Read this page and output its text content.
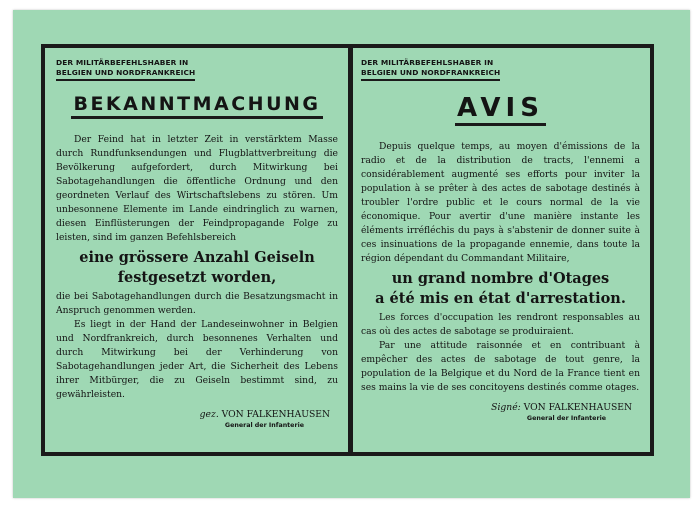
DER MILITÄRBEFEHLSHABER IN
BELGIEN UND NORDFRANKREICH
BEKANNTMACHUNG

Der Feind hat in letzter Zeit in verstärktem Masse durch Rundfunksendungen und Flugblattverbreitung die Bevölkerung aufgefordert, durch Mitwirkung bei Sabotagehandlungen die öffentliche Ordnung und den geordneten Verlauf des Wirtschaftslebens zu stören. Um unbesonnene Elemente im Lande eindringlich zu warnen, diesen Einflüsterungen der Feindpropagande Folge zu leisten, sind im ganzen Befehlsbereich

eine grössere Anzahl Geiseln
festgesetzt worden,

die bei Sabotagehandlungen durch die Besatzungsmacht in Anspruch genommen werden.

Es liegt in der Hand der Landeseinwohner in Belgien und Nordfrankreich, durch besonnenes Verhalten und durch Mitwirkung bei der Verhinderung von Sabotagehandlungen jeder Art, die Sicherheit des Lebens ihrer Mitbürger, die zu Geiseln bestimmt sind, zu gewährleisten.

gez. VON FALKENHAUSEN
General der Infanterie
DER MILITÄRBEFEHLSHABER IN
BELGIEN UND NORDFRANKREICH
AVIS

Depuis quelque temps, au moyen d'émissions de la radio et de la distribution de tracts, l'ennemi a considérablement augmenté ses efforts pour inviter la population à se prêter à des actes de sabotage destinés à troubler l'ordre public et le cours normal de la vie économique. Pour avertir d'une manière instante les éléments irréfléchis du pays à s'abstenir de donner suite à ces insinuations de la propagande ennemie, dans toute la région dépendant du Commandant Militaire,

un grand nombre d'Otages
a été mis en état d'arrestation.

Les forces d'occupation les rendront responsables au cas où des actes de sabotage se produiraient.

Par une attitude raisonnée et en contribuant à empêcher des actes de sabotage de tout genre, la population de la Belgique et du Nord de la France tient en ses mains la vie de ses concitoyens destinés comme otages.

Signé: VON FALKENHAUSEN
General der Infanterie
